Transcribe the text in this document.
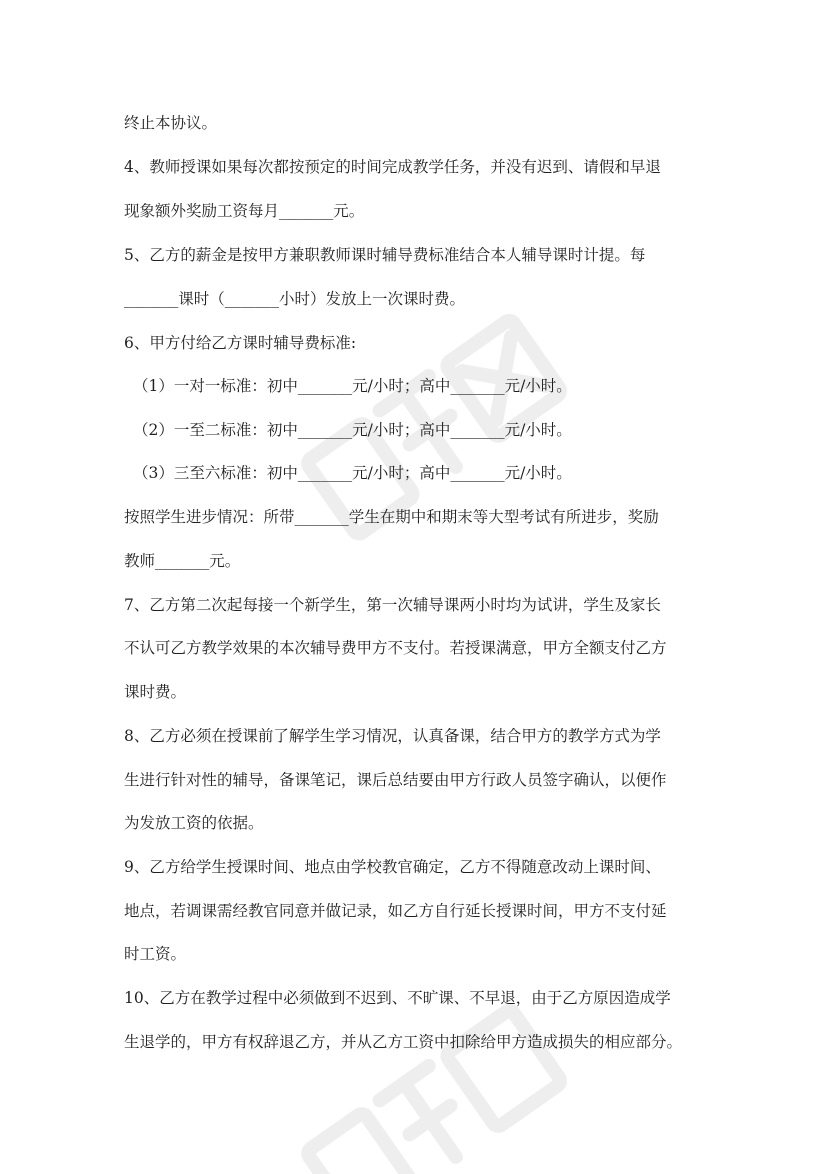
终止本协议。
4、教师授课如果每次都按预定的时间完成教学任务，并没有迟到、请假和早退
现象额外奖励工资每月_______元。
5、乙方的薪金是按甲方兼职教师课时辅导费标准结合本人辅导课时计提。每
_______课时（_______小时）发放上一次课时费。
6、甲方付给乙方课时辅导费标准:
（1）一对一标准：初中_______元/小时；高中_______元/小时。
（2）一至二标准：初中_______元/小时；高中_______元/小时。
（3）三至六标准：初中_______元/小时；高中_______元/小时。
按照学生进步情况：所带_______学生在期中和期末等大型考试有所进步，奖励
教师_______元。
7、乙方第二次起每接一个新学生，第一次辅导课两小时均为试讲，学生及家长
不认可乙方教学效果的本次辅导费甲方不支付。若授课满意，甲方全额支付乙方
课时费。
8、乙方必须在授课前了解学生学习情况，认真备课，结合甲方的教学方式为学
生进行针对性的辅导，备课笔记，课后总结要由甲方行政人员签字确认，以便作
为发放工资的依据。
9、乙方给学生授课时间、地点由学校教官确定，乙方不得随意改动上课时间、
地点，若调课需经教官同意并做记录，如乙方自行延长授课时间，甲方不支付延
时工资。
10、乙方在教学过程中必须做到不迟到、不旷课、不早退，由于乙方原因造成学
生退学的，甲方有权辞退乙方，并从乙方工资中扣除给甲方造成损失的相应部分。
